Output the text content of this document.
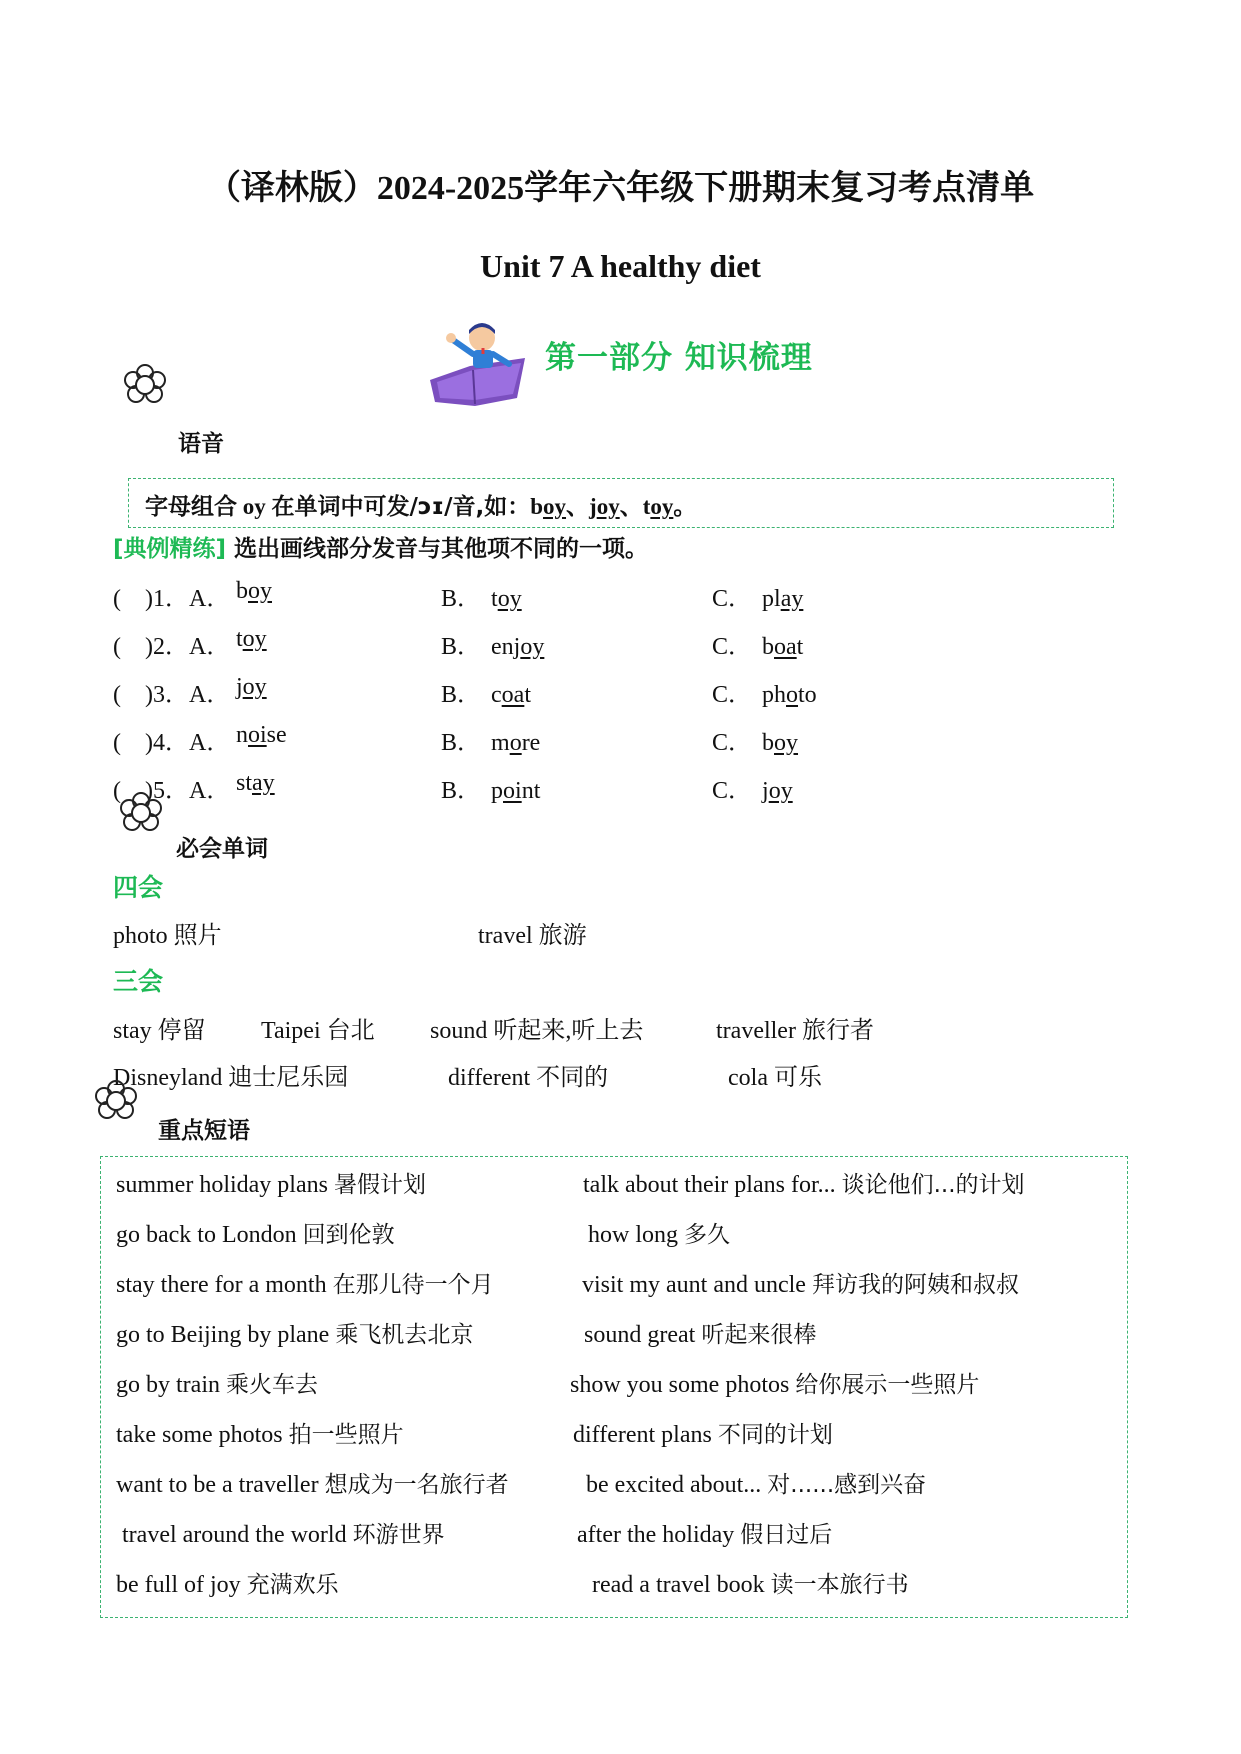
（译林版）2024-2025学年六年级下册期末复习考点清单
Unit 7 A healthy diet
第一部分 知识梳理
语音
字母组合 oy 在单词中可发/ɔɪ/音,如：boy、joy、toy。
[典例精练] 选出画线部分发音与其他项不同的一项。
(　)1．A． boy	B． toy	C． play
(　)2．A． toy	B． enjoy	C． boat
(　)3．A． joy	B． coat	C． photo
(　)4．A． noise	B． more	C． boy
(　)5．A． stay	B． point	C． joy
必会单词
四会
photo 照片	travel 旅游
三会
stay 停留 Taipei 台北 sound 听起来,听上去	traveller 旅行者
Disneyland 迪士尼乐园	different 不同的	cola 可乐
重点短语
summer holiday plans 暑假计划	talk about their plans for... 谈论他们...的计划
go back to London 回到伦敦	how long 多久
stay there for a month 在那儿待一个月	visit my aunt and uncle 拜访我的阿姨和叔叔
go to Beijing by plane 乘飞机去北京	sound great 听起来很棒
go by train 乘火车去	show you some photos 给你展示一些照片
take some photos 拍一些照片	different plans 不同的计划
want to be a traveller 想成为一名旅行者	be excited about... 对......感到兴奋
travel around the world 环游世界	after the holiday 假日过后
be full of joy 充满欢乐	read a travel book 读一本旅行书
